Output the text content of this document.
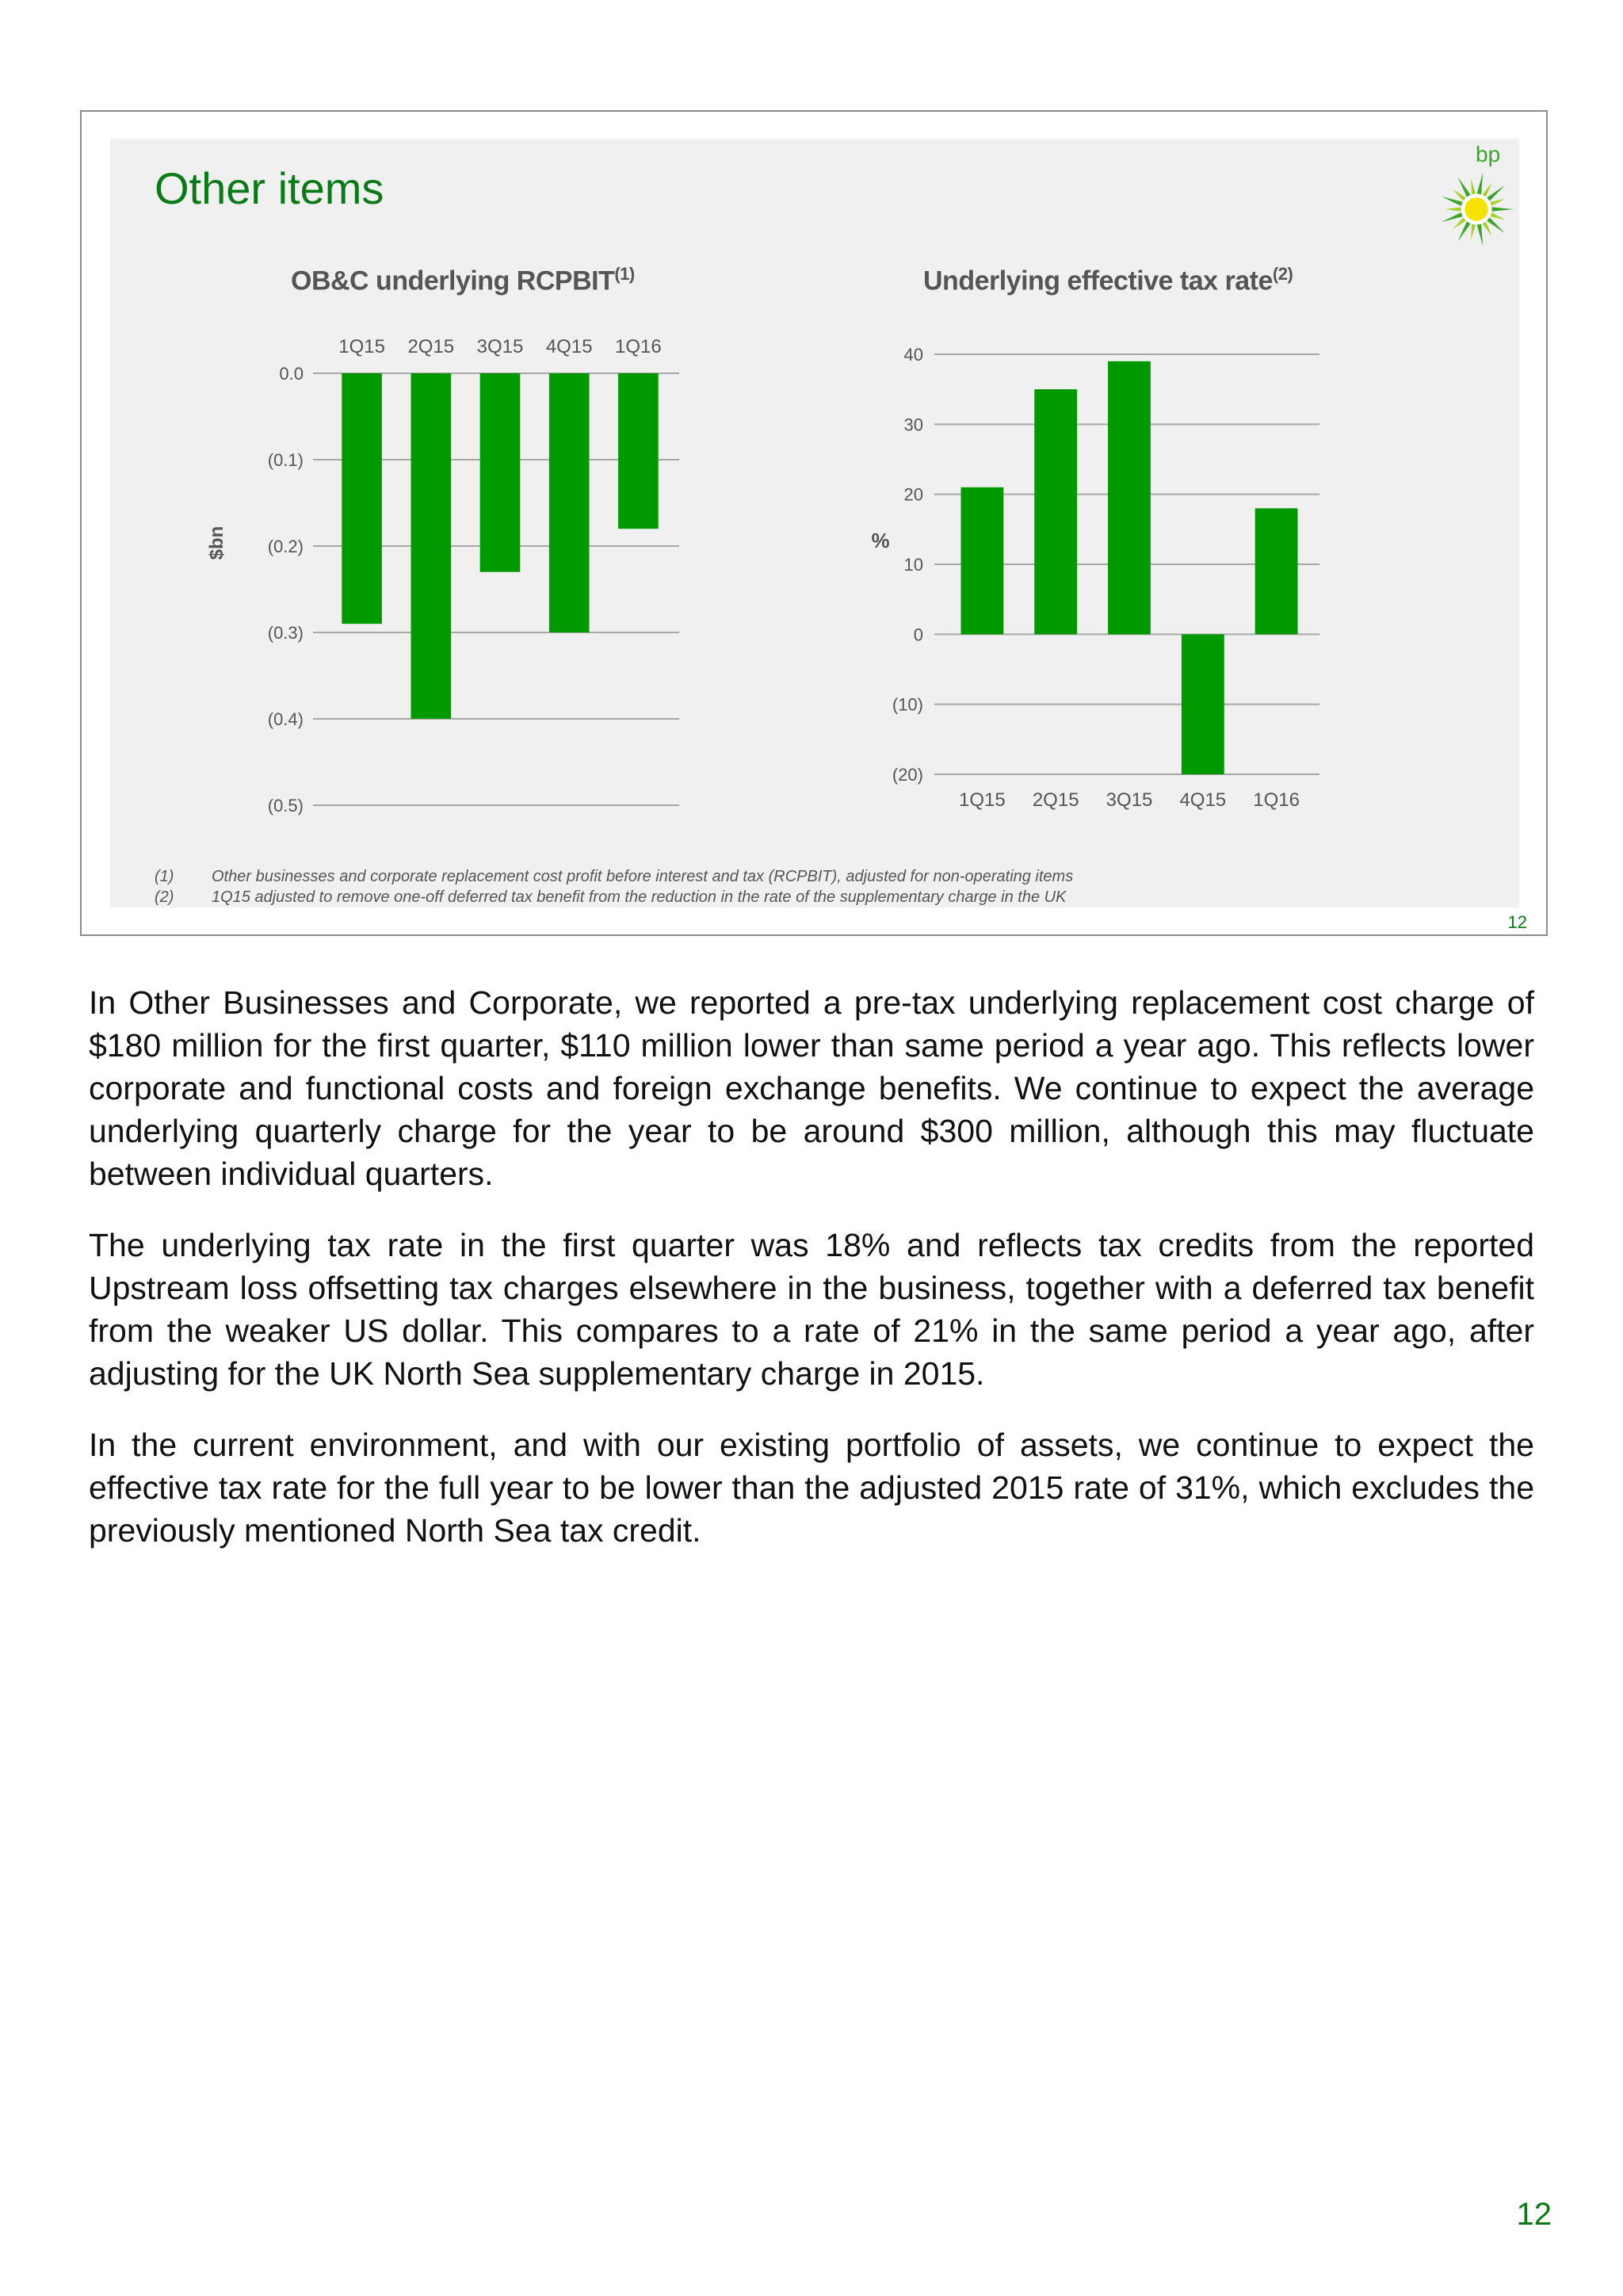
Other items
bp
OB&C underlying RCPBIT$^{(1)}$	Underlying effective tax rate$^{(2)}$
0.0
(0.1)
(0.2)
(0.3)
(0.4)
(0.5)
$bn
1Q15 2Q15 3Q15 4Q15 1Q16	40
30
20
10
0
(10)
(20)
%
1Q15 2Q15 3Q15 4Q15 1Q16
(1)	Other businesses and corporate replacement cost profit before interest and tax (RCPBIT), adjusted for non-operating items
(2)	1Q15 adjusted to remove one-off deferred tax benefit from the reduction in the rate of the supplementary charge in the UK
12

In Other Businesses and Corporate, we reported a pre-tax underlying replacement cost charge of $180 million for the first quarter, $110 million lower than same period a year ago. This reflects lower corporate and functional costs and foreign exchange benefits. We continue to expect the average underlying quarterly charge for the year to be around $300 million, although this may fluctuate between individual quarters.

The underlying tax rate in the first quarter was 18% and reflects tax credits from the reported Upstream loss offsetting tax charges elsewhere in the business, together with a deferred tax benefit from the weaker US dollar. This compares to a rate of 21% in the same period a year ago, after adjusting for the UK North Sea supplementary charge in 2015.

In the current environment, and with our existing portfolio of assets, we continue to expect the effective tax rate for the full year to be lower than the adjusted 2015 rate of 31%, which excludes the previously mentioned North Sea tax credit.

12
